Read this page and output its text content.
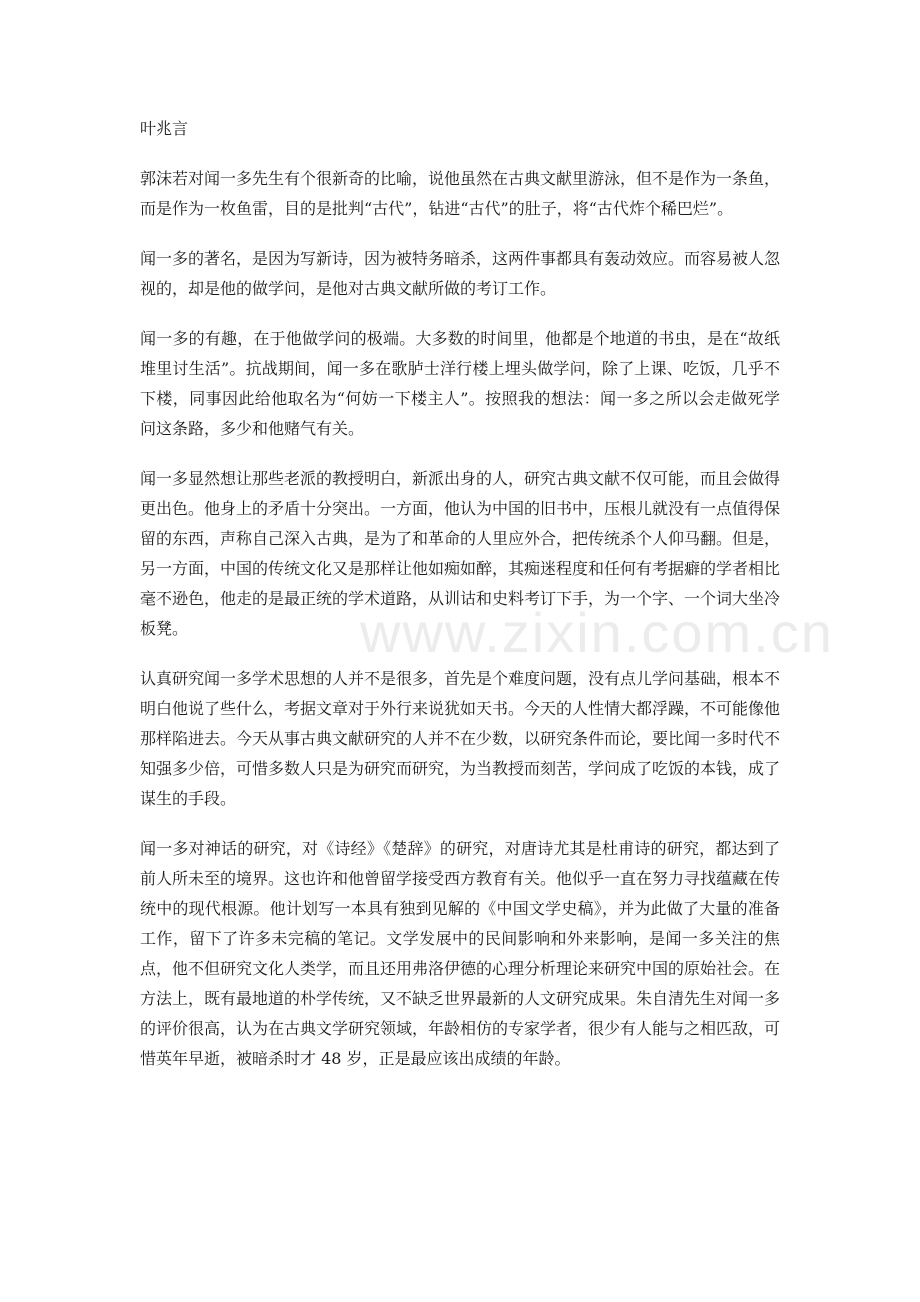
叶兆言

郭沫若对闻一多先生有个很新奇的比喻，说他虽然在古典文献里游泳，但不是作为一条鱼，而是作为一枚鱼雷，目的是批判“古代”，钻进“古代”的肚子，将“古代炸个稀巴烂”。

闻一多的著名，是因为写新诗，因为被特务暗杀，这两件事都具有轰动效应。而容易被人忽视的，却是他的做学问，是他对古典文献所做的考订工作。

闻一多的有趣，在于他做学问的极端。大多数的时间里，他都是个地道的书虫，是在“故纸堆里讨生活”。抗战期间，闻一多在歌胪士洋行楼上埋头做学问，除了上课、吃饭，几乎不下楼，同事因此给他取名为“何妨一下楼主人”。按照我的想法：闻一多之所以会走做死学问这条路，多少和他赌气有关。

闻一多显然想让那些老派的教授明白，新派出身的人，研究古典文献不仅可能，而且会做得更出色。他身上的矛盾十分突出。一方面，他认为中国的旧书中，压根儿就没有一点值得保留的东西，声称自己深入古典，是为了和革命的人里应外合，把传统杀个人仰马翻。但是，另一方面，中国的传统文化又是那样让他如痴如醉，其痴迷程度和任何有考据癖的学者相比毫不逊色，他走的是最正统的学术道路，从训诂和史料考订下手，为一个字、一个词大坐冷板凳。

认真研究闻一多学术思想的人并不是很多，首先是个难度问题，没有点儿学问基础，根本不明白他说了些什么，考据文章对于外行来说犹如天书。今天的人性情大都浮躁，不可能像他那样陷进去。今天从事古典文献研究的人并不在少数，以研究条件而论，要比闻一多时代不知强多少倍，可惜多数人只是为研究而研究，为当教授而刻苦，学问成了吃饭的本钱，成了谋生的手段。

闻一多对神话的研究，对《诗经》《楚辞》的研究，对唐诗尤其是杜甫诗的研究，都达到了前人所未至的境界。这也许和他曾留学接受西方教育有关。他似乎一直在努力寻找蕴藏在传统中的现代根源。他计划写一本具有独到见解的《中国文学史稿》，并为此做了大量的准备工作，留下了许多未完稿的笔记。文学发展中的民间影响和外来影响，是闻一多关注的焦点，他不但研究文化人类学，而且还用弗洛伊德的心理分析理论来研究中国的原始社会。在方法上，既有最地道的朴学传统，又不缺乏世界最新的人文研究成果。朱自清先生对闻一多的评价很高，认为在古典文学研究领域，年龄相仿的专家学者，很少有人能与之相匹敌，可惜英年早逝，被暗杀时才 48 岁，正是最应该出成绩的年龄。

www.zixin.com.cn
